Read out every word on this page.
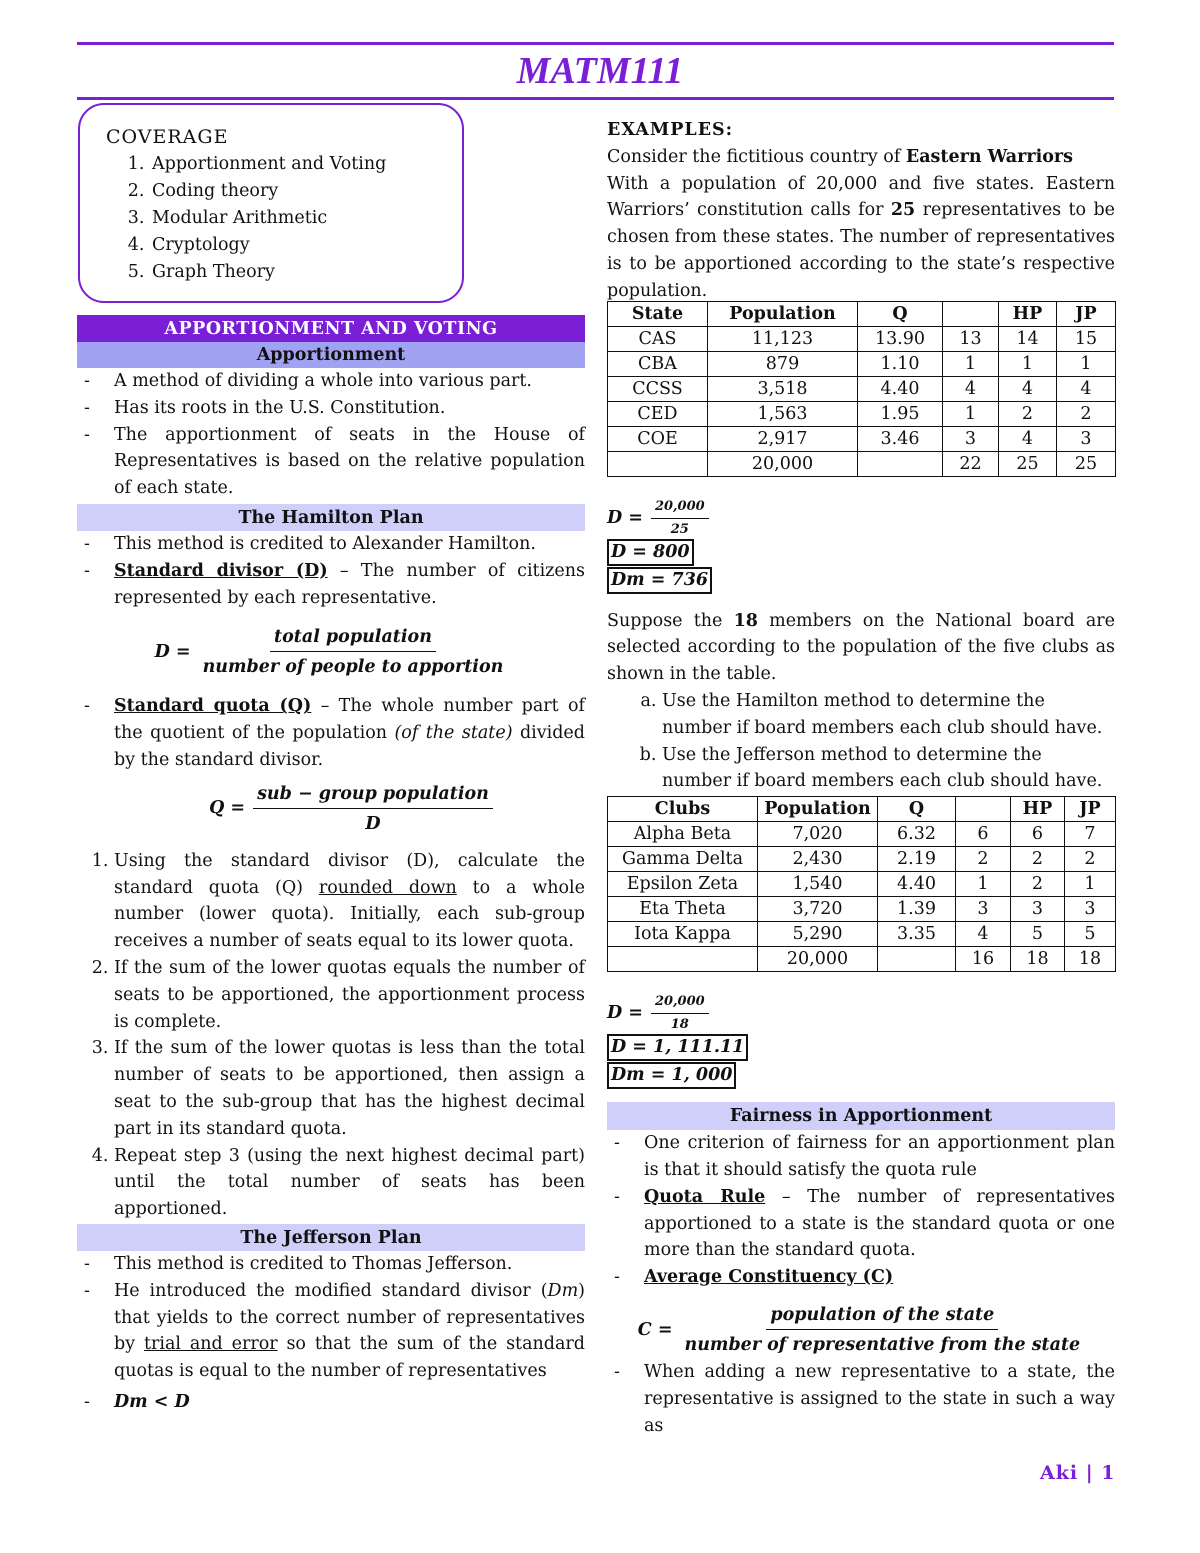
MATM111
COVERAGE
1. Apportionment and Voting
2. Coding theory
3. Modular Arithmetic
4. Cryptology
5. Graph Theory
APPORTIONMENT AND VOTING
Apportionment
- A method of dividing a whole into various part.
- Has its roots in the U.S. Constitution.
- The apportionment of seats in the House of Representatives is based on the relative population of each state.
The Hamilton Plan
- This method is credited to Alexander Hamilton.
- Standard divisor (D) – The number of citizens represented by each representative.
$D = \frac{\text{total population}}{\text{number of people to apportion}}$
- Standard quota (Q) – The whole number part of the quotient of the population (of the state) divided by the standard divisor.
$Q = \frac{\text{sub − group population}}{D}$
1. Using the standard divisor (D), calculate the standard quota (Q) rounded down to a whole number (lower quota). Initially, each sub-group receives a number of seats equal to its lower quota.
2. If the sum of the lower quotas equals the number of seats to be apportioned, the apportionment process is complete.
3. If the sum of the lower quotas is less than the total number of seats to be apportioned, then assign a seat to the sub-group that has the highest decimal part in its standard quota.
4. Repeat step 3 (using the next highest decimal part) until the total number of seats has been apportioned.
The Jefferson Plan
- This method is credited to Thomas Jefferson.
- He introduced the modified standard divisor (Dm) that yields to the correct number of representatives by trial and error so that the sum of the standard quotas is equal to the number of representatives
- Dm < D

EXAMPLES:

Consider the fictitious country of Eastern Warriors

With a population of 20,000 and five states. Eastern Warriors’ constitution calls for 25 representatives to be chosen from these states. The number of representatives is to be apportioned according to the state’s respective population.

State	Population	Q		HP	JP
CAS	11,123	13.90	13	14	15
CBA	879	1.10	1	1	1
CCSS	3,518	4.40	4	4	4
CED	1,563	1.95	1	2	2
COE	2,917	3.46	3	4	3
	20,000		22	25	25
$D = \frac{20,000}{25}$
D = 800
Dm = 736

Suppose the 18 members on the National board are selected according to the population of the five clubs as shown in the table.

a. Use the Hamilton method to determine the number if board members each club should have.
b. Use the Jefferson method to determine the number if board members each club should have.
Clubs	Population	Q		HP	JP
Alpha Beta	7,020	6.32	6	6	7
Gamma Delta	2,430	2.19	2	2	2
Epsilon Zeta	1,540	4.40	1	2	1
Eta Theta	3,720	1.39	3	3	3
Iota Kappa	5,290	3.35	4	5	5
	20,000		16	18	18
$D = \frac{20,000}{18}$
D = 1, 111.11
Dm = 1, 000
Fairness in Apportionment
- One criterion of fairness for an apportionment plan is that it should satisfy the quota rule
- Quota Rule – The number of representatives apportioned to a state is the standard quota or one more than the standard quota.
- Average Constituency (C)
$C = \frac{\text{population of the state}}{\text{number of representative from the state}}$
- When adding a new representative to a state, the representative is assigned to the state in such a way as
Aki | 1
